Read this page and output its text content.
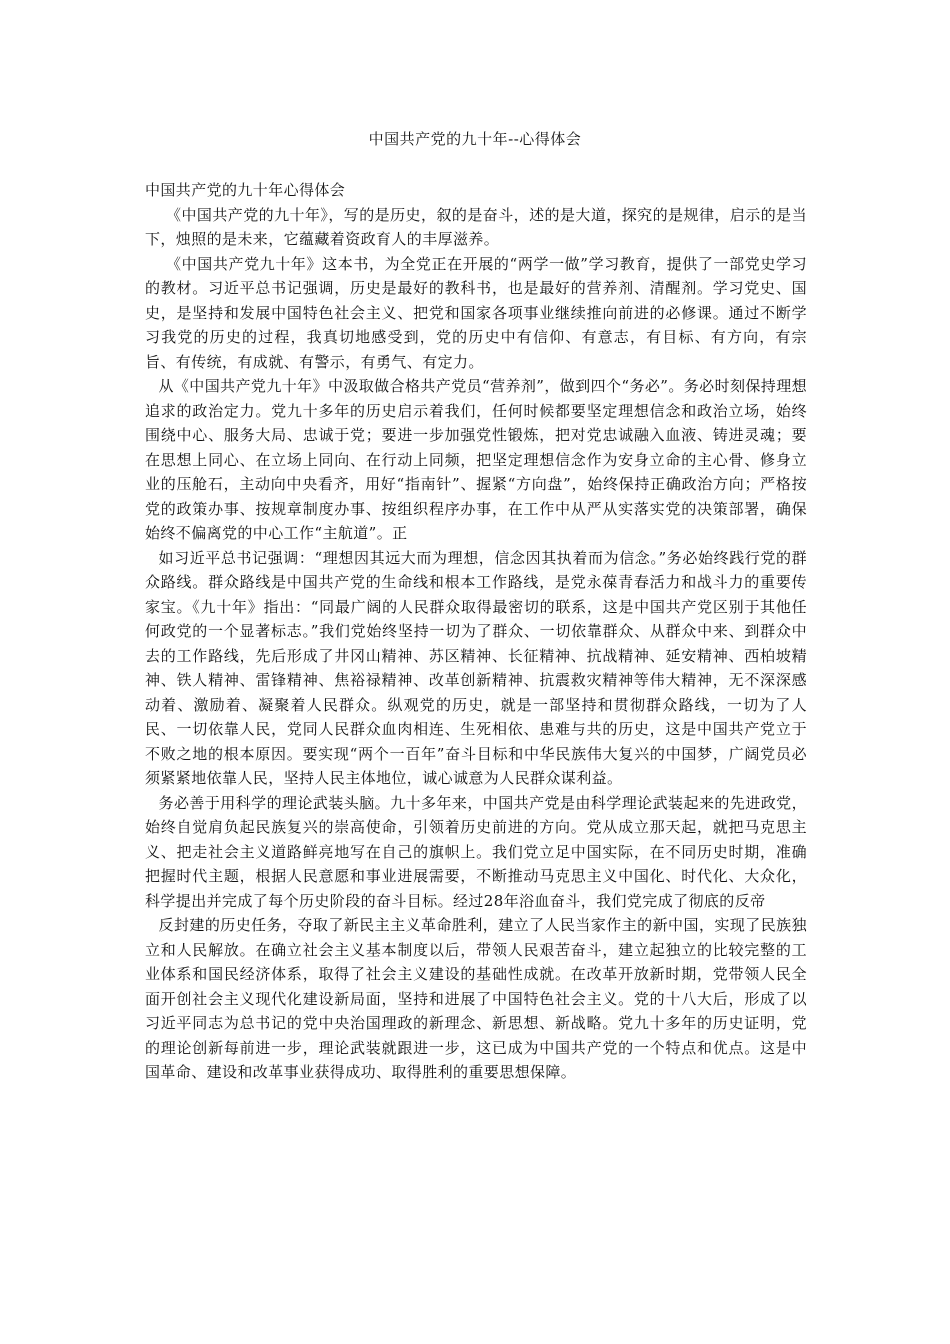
中国共产党的九十年--心得体会

中国共产党的九十年心得体会

《中国共产党的九十年》，写的是历史，叙的是奋斗，述的是大道，探究的是规律，启示的是当下，烛照的是未来，它蕴藏着资政育人的丰厚滋养。

《中国共产党九十年》这本书，为全党正在开展的“两学一做”学习教育，提供了一部党史学习的教材。习近平总书记强调，历史是最好的教科书，也是最好的营养剂、清醒剂。学习党史、国史，是坚持和发展中国特色社会主义、把党和国家各项事业继续推向前进的必修课。通过不断学习我党的历史的过程，我真切地感受到，党的历史中有信仰、有意志，有目标、有方向，有宗旨、有传统，有成就、有警示，有勇气、有定力。

从《中国共产党九十年》中汲取做合格共产党员“营养剂”，做到四个“务必”。务必时刻保持理想追求的政治定力。党九十多年的历史启示着我们，任何时候都要坚定理想信念和政治立场，始终围绕中心、服务大局、忠诚于党；要进一步加强党性锻炼，把对党忠诚融入血液、铸进灵魂；要在思想上同心、在立场上同向、在行动上同频，把坚定理想信念作为安身立命的主心骨、修身立业的压舱石，主动向中央看齐，用好“指南针”、握紧“方向盘”，始终保持正确政治方向；严格按党的政策办事、按规章制度办事、按组织程序办事，在工作中从严从实落实党的决策部署，确保始终不偏离党的中心工作“主航道”。正

如习近平总书记强调：“理想因其远大而为理想，信念因其执着而为信念。”务必始终践行党的群众路线。群众路线是中国共产党的生命线和根本工作路线，是党永葆青春活力和战斗力的重要传家宝。《九十年》指出：“同最广阔的人民群众取得最密切的联系，这是中国共产党区别于其他任何政党的一个显著标志。”我们党始终坚持一切为了群众、一切依靠群众、从群众中来、到群众中去的工作路线，先后形成了井冈山精神、苏区精神、长征精神、抗战精神、延安精神、西柏坡精神、铁人精神、雷锋精神、焦裕禄精神、改革创新精神、抗震救灾精神等伟大精神，无不深深感动着、激励着、凝聚着人民群众。纵观党的历史，就是一部坚持和贯彻群众路线，一切为了人民、一切依靠人民，党同人民群众血肉相连、生死相依、患难与共的历史，这是中国共产党立于不败之地的根本原因。要实现“两个一百年”奋斗目标和中华民族伟大复兴的中国梦，广阔党员必须紧紧地依靠人民，坚持人民主体地位，诚心诚意为人民群众谋利益。

务必善于用科学的理论武装头脑。九十多年来，中国共产党是由科学理论武装起来的先进政党，始终自觉肩负起民族复兴的崇高使命，引领着历史前进的方向。党从成立那天起，就把马克思主义、把走社会主义道路鲜亮地写在自己的旗帜上。我们党立足中国实际，在不同历史时期，准确把握时代主题，根据人民意愿和事业进展需要，不断推动马克思主义中国化、时代化、大众化，科学提出并完成了每个历史阶段的奋斗目标。经过28年浴血奋斗，我们党完成了彻底的反帝

反封建的历史任务，夺取了新民主主义革命胜利，建立了人民当家作主的新中国，实现了民族独立和人民解放。在确立社会主义基本制度以后，带领人民艰苦奋斗，建立起独立的比较完整的工业体系和国民经济体系，取得了社会主义建设的基础性成就。在改革开放新时期，党带领人民全面开创社会主义现代化建设新局面，坚持和进展了中国特色社会主义。党的十八大后，形成了以习近平同志为总书记的党中央治国理政的新理念、新思想、新战略。党九十多年的历史证明，党的理论创新每前进一步，理论武装就跟进一步，这已成为中国共产党的一个特点和优点。这是中国革命、建设和改革事业获得成功、取得胜利的重要思想保障。
